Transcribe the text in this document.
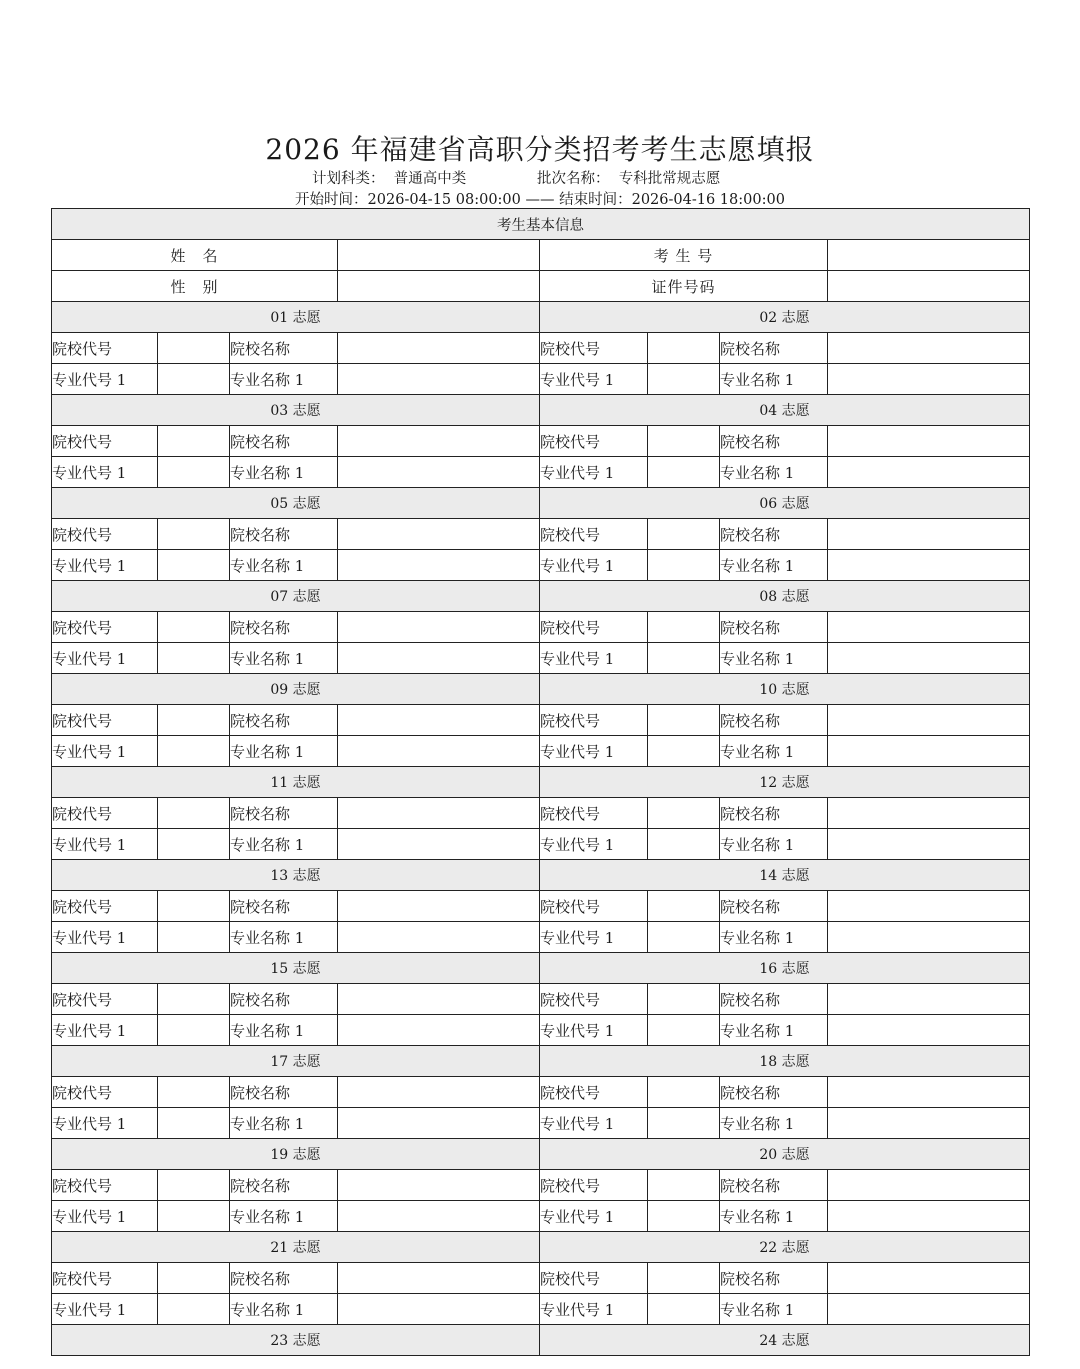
2026 年福建省高职分类招考考生志愿填报
计划科类： 普通高中类	批次名称： 专科批常规志愿
开始时间：2026-04-15 08:00:00 —— 结束时间：2026-04-16 18:00:00
考生基本信息							
姓　名				考 生 号			
性　别				证件号码			
01 志愿				02 志愿			
院校代号		院校名称		院校代号		院校名称	
专业代号 1		专业名称 1		专业代号 1		专业名称 1	
03 志愿				04 志愿			
院校代号		院校名称		院校代号		院校名称	
专业代号 1		专业名称 1		专业代号 1		专业名称 1	
05 志愿				06 志愿			
院校代号		院校名称		院校代号		院校名称	
专业代号 1		专业名称 1		专业代号 1		专业名称 1	
07 志愿				08 志愿			
院校代号		院校名称		院校代号		院校名称	
专业代号 1		专业名称 1		专业代号 1		专业名称 1	
09 志愿				10 志愿			
院校代号		院校名称		院校代号		院校名称	
专业代号 1		专业名称 1		专业代号 1		专业名称 1	
11 志愿				12 志愿			
院校代号		院校名称		院校代号		院校名称	
专业代号 1		专业名称 1		专业代号 1		专业名称 1	
13 志愿				14 志愿			
院校代号		院校名称		院校代号		院校名称	
专业代号 1		专业名称 1		专业代号 1		专业名称 1	
15 志愿				16 志愿			
院校代号		院校名称		院校代号		院校名称	
专业代号 1		专业名称 1		专业代号 1		专业名称 1	
17 志愿				18 志愿			
院校代号		院校名称		院校代号		院校名称	
专业代号 1		专业名称 1		专业代号 1		专业名称 1	
19 志愿				20 志愿			
院校代号		院校名称		院校代号		院校名称	
专业代号 1		专业名称 1		专业代号 1		专业名称 1	
21 志愿				22 志愿			
院校代号		院校名称		院校代号		院校名称	
专业代号 1		专业名称 1		专业代号 1		专业名称 1	
23 志愿				24 志愿			
